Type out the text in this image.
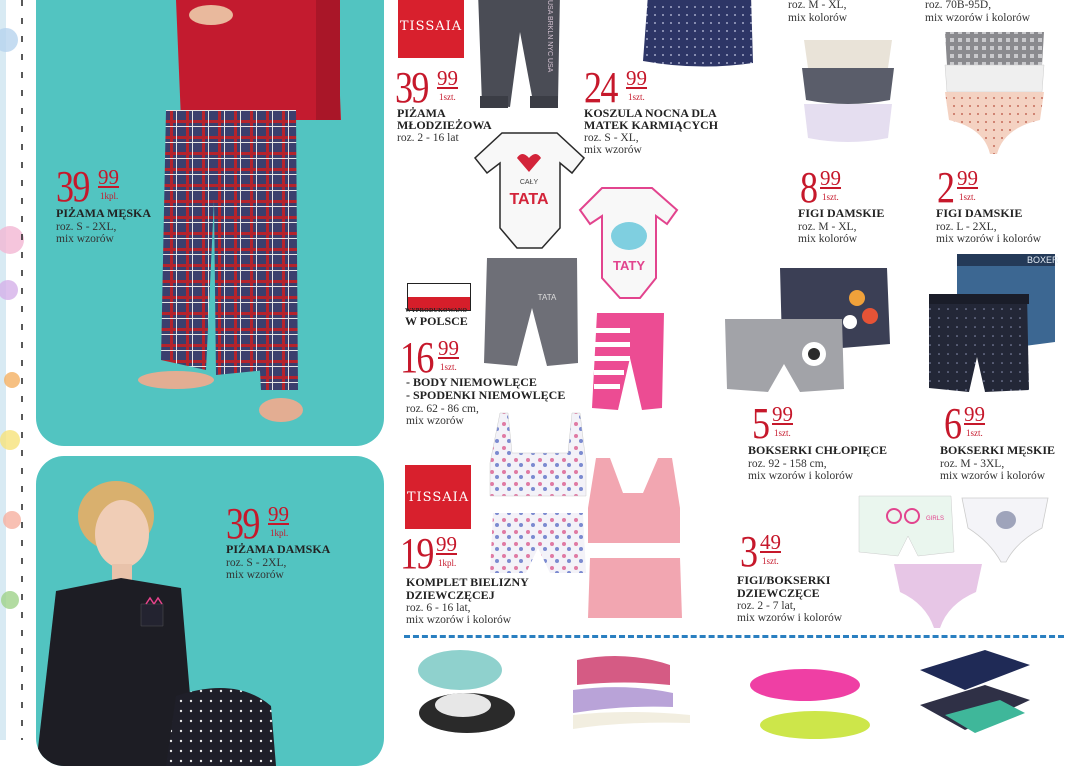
39 99
1kpl.
PIŻAMA MĘSKA
roz. S - 2XL,
mix wzorów
39 99
1kpl.
PIŻAMA DAMSKA
roz. S - 2XL,
mix wzorów
TISSAIA	USA BRKLN NYC USA
39 99
1szt.
PIŻAMA
MŁODZIEŻOWA
roz. 2 - 16 lat
24 99
1szt.
KOSZULA NOCNA DLA
MATEK KARMIĄCYCH
roz. S - XL,
mix wzorów
CAŁY
TATA
TATY
TATA
WYPRODUKOWANO
W POLSCE
16 99
1szt.
- BODY NIEMOWLĘCE
- SPODENKI NIEMOWLĘCE
roz. 62 - 86 cm,
mix wzorów
TISSAIA
19 99
1kpl.
KOMPLET BIELIZNY
DZIEWCZĘCEJ
roz. 6 - 16 lat,
mix wzorów i kolorów
roz. M - XL,
mix kolorów
roz. 70B-95D,
mix wzorów i kolorów
8 99
1szt.
FIGI DAMSKIE
roz. M - XL,
mix kolorów
2 99
1szt.
FIGI DAMSKIE
roz. L - 2XL,
mix wzorów i kolorów
BOXER
5 99
1szt.
BOKSERKI CHŁOPIĘCE
roz. 92 - 158 cm,
mix wzorów i kolorów
6 99
1szt.
BOKSERKI MĘSKIE
roz. M - 3XL,
mix wzorów i kolorów
GIRLS
3 49
1szt.
FIGI/BOKSERKI
DZIEWCZĘCE
roz. 2 - 7 lat,
mix wzorów i kolorów
